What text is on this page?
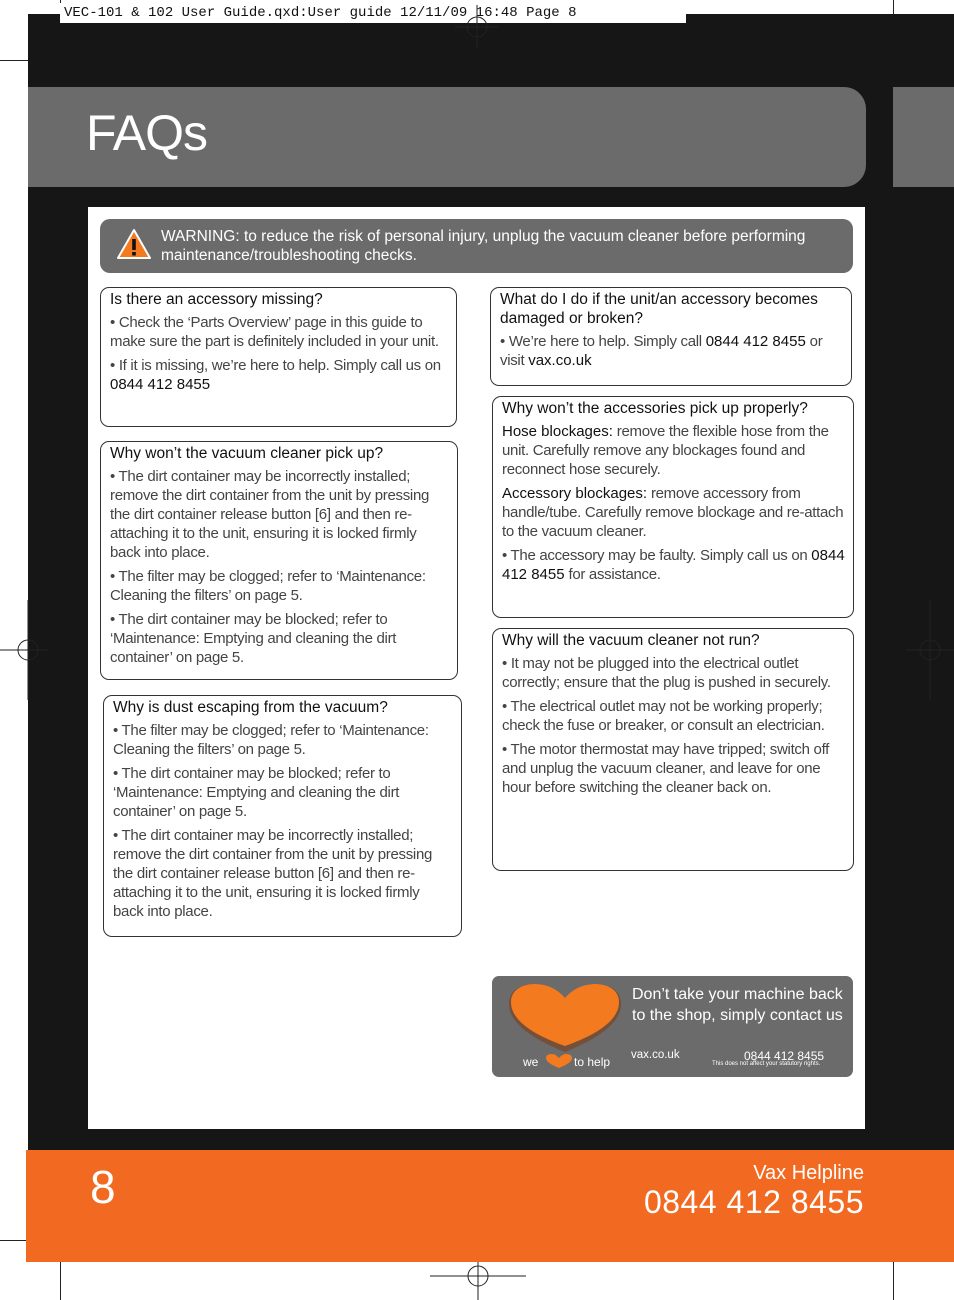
VEC-101 & 102 User Guide.qxd:User guide 12/11/09 16:48 Page 8
FAQs
WARNING: to reduce the risk of personal injury, unplug the vacuum cleaner before performing maintenance/troubleshooting checks.
Is there an accessory missing?

• Check the ‘Parts Overview’ page in this guide to make sure the part is definitely included in your unit.

• If it is missing, we’re here to help. Simply call us on 0844 412 8455

Why won’t the vacuum cleaner pick up?

• The dirt container may be incorrectly installed; remove the dirt container from the unit by pressing the dirt container release button [6] and then re-attaching it to the unit, ensuring it is locked firmly back into place.

• The filter may be clogged; refer to ‘Maintenance: Cleaning the filters’ on page 5.

• The dirt container may be blocked; refer to ‘Maintenance: Emptying and cleaning the dirt container’ on page 5.

Why is dust escaping from the vacuum?

• The filter may be clogged; refer to ‘Maintenance: Cleaning the filters’ on page 5.

• The dirt container may be blocked; refer to ‘Maintenance: Emptying and cleaning the dirt container’ on page 5.

• The dirt container may be incorrectly installed; remove the dirt container from the unit by pressing the dirt container release button [6] and then re-attaching it to the unit, ensuring it is locked firmly back into place.

What do I do if the unit/an accessory becomes damaged or broken?

• We’re here to help. Simply call 0844 412 8455 or visit vax.co.uk

Why won’t the accessories pick up properly?

Hose blockages: remove the flexible hose from the unit. Carefully remove any blockages found and reconnect hose securely.

Accessory blockages: remove accessory from handle/tube. Carefully remove blockage and re-attach to the vacuum cleaner.

• The accessory may be faulty. Simply call us on 0844 412 8455 for assistance.

Why will the vacuum cleaner not run?

• It may not be plugged into the electrical outlet correctly; ensure that the plug is pushed in securely.

• The electrical outlet may not be working properly; check the fuse or breaker, or consult an electrician.

• The motor thermostat may have tripped; switch off and unplug the vacuum cleaner, and leave for one hour before switching the cleaner back on.

we	to help
Don’t take your machine back to the shop, simply contact us
vax.co.uk	0844 412 8455
This does not affect your statutory rights.
8	Vax Helpline
0844 412 8455
